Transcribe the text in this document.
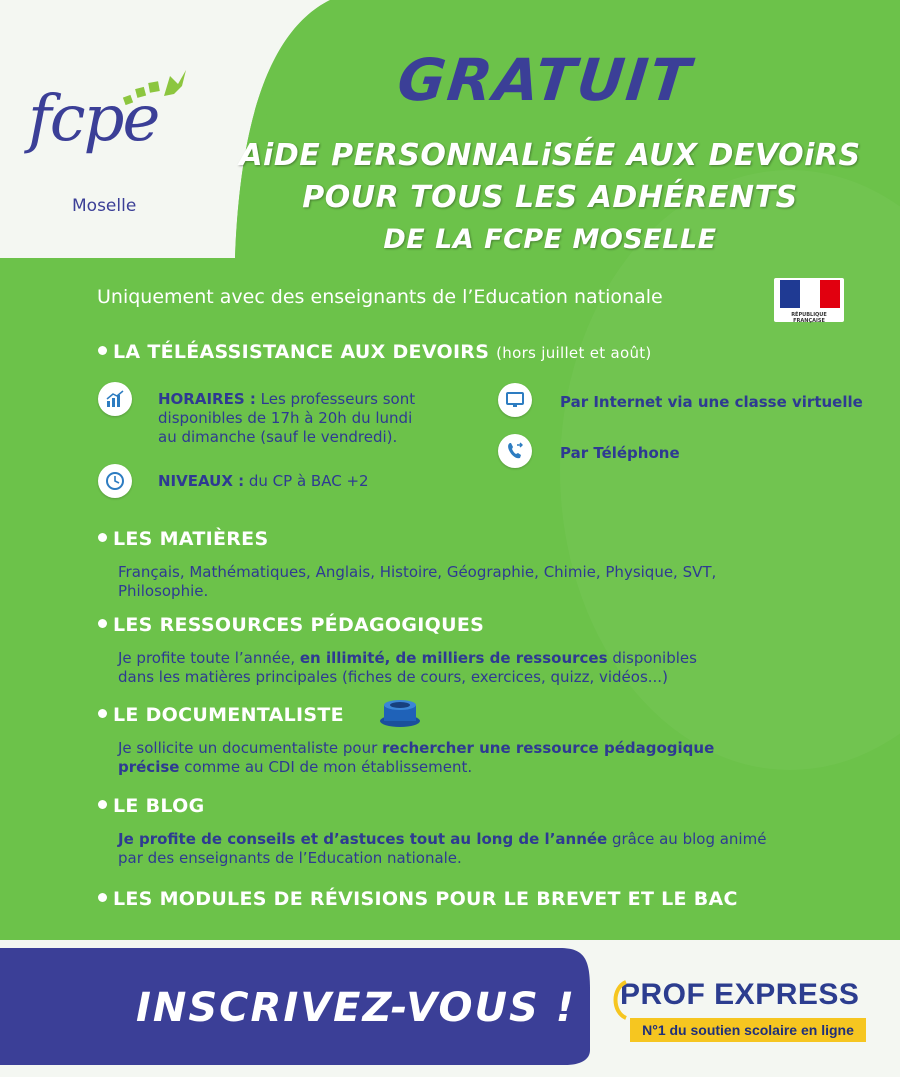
fcpe
Moselle
GRATUIT
AiDE PERSONNALiSÉE AUX DEVOiRS
POUR TOUS LES ADHÉRENTS
DE LA FCPE MOSELLE
Uniquement avec des enseignants de l’Education nationale
RÉPUBLIQUE FRANÇAISE
LA TÉLÉASSISTANCE AUX DEVOIRS (hors juillet et août)
HORAIRES : Les professeurs sont
disponibles de 17h à 20h du lundi
au dimanche (sauf le vendredi).
NIVEAUX : du CP à BAC +2
Par Internet via une classe virtuelle
Par Téléphone
LES MATIÈRES
Français, Mathématiques, Anglais, Histoire, Géographie, Chimie, Physique, SVT,
Philosophie.
LES RESSOURCES PÉDAGOGIQUES
Je profite toute l’année, en illimité, de milliers de ressources disponibles
dans les matières principales (fiches de cours, exercices, quizz, vidéos...)
LE DOCUMENTALISTE
Je sollicite un documentaliste pour rechercher une ressource pédagogique
précise comme au CDI de mon établissement.
LE BLOG
Je profite de conseils et d’astuces tout au long de l’année grâce au blog animé
par des enseignants de l’Education nationale.
LES MODULES DE RÉVISIONS POUR LE BREVET ET LE BAC
INSCRIVEZ-VOUS ! PROF EXPRESS
N°1 du soutien scolaire en ligne
